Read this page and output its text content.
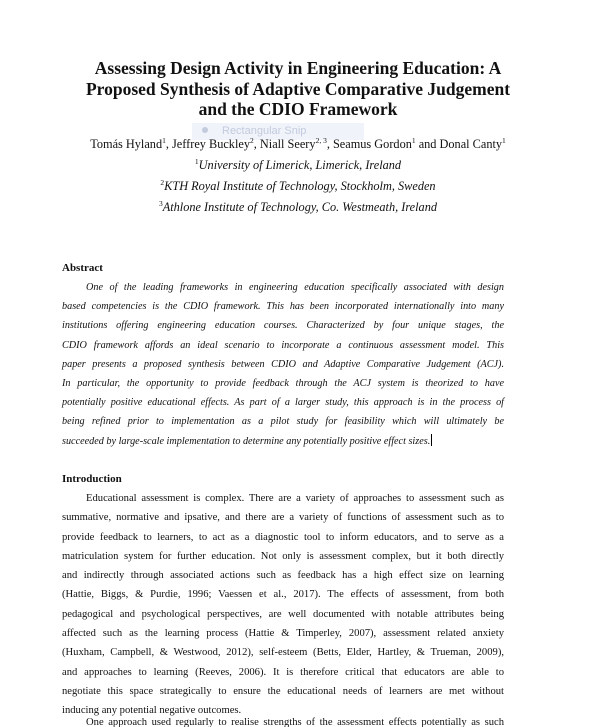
Assessing Design Activity in Engineering Education: A
Proposed Synthesis of Adaptive Comparative Judgement
and the CDIO Framework
Rectangular Snip
Tomás Hyland$^1$, Jeffrey Buckley$^2$, Niall Seery$^{2, 3}$, Seamus Gordon$^1$ and Donal Canty$^1$
$^1$University of Limerick, Limerick, Ireland
$^2$KTH Royal Institute of Technology, Stockholm, Sweden
$^3$Athlone Institute of Technology, Co. Westmeath, Ireland
Abstract
One of the leading frameworks in engineering education specifically associated with design
based competencies is the CDIO framework. This has been incorporated internationally into many
institutions offering engineering education courses. Characterized by four unique stages, the
CDIO framework affords an ideal scenario to incorporate a continuous assessment model. This
paper presents a proposed synthesis between CDIO and Adaptive Comparative Judgement (ACJ).
In particular, the opportunity to provide feedback through the ACJ system is theorized to have
potentially positive educational effects. As part of a larger study, this approach is in the process of
being refined prior to implementation as a pilot study for feasibility which will ultimately be
succeeded by large-scale implementation to determine any potentially positive effect sizes.
Introduction
Educational assessment is complex. There are a variety of approaches to assessment such as
summative, normative and ipsative, and there are a variety of functions of assessment such as to
provide feedback to learners, to act as a diagnostic tool to inform educators, and to serve as a
matriculation system for further education. Not only is assessment complex, but it both directly
and indirectly through associated actions such as feedback has a high effect size on learning
(Hattie, Biggs, & Purdie, 1996; Vaessen et al., 2017). The effects of assessment, from both
pedagogical and psychological perspectives, are well documented with notable attributes being
affected such as the learning process (Hattie & Timperley, 2007), assessment related anxiety
(Huxham, Campbell, & Westwood, 2012), self-esteem (Betts, Elder, Hartley, & Trueman, 2009),
and approaches to learning (Reeves, 2006). It is therefore critical that educators are able to
negotiate this space strategically to ensure the educational needs of learners are met without
inducing any potential negative outcomes.
One approach used regularly to realise strengths of the assessment effects potentially as such
